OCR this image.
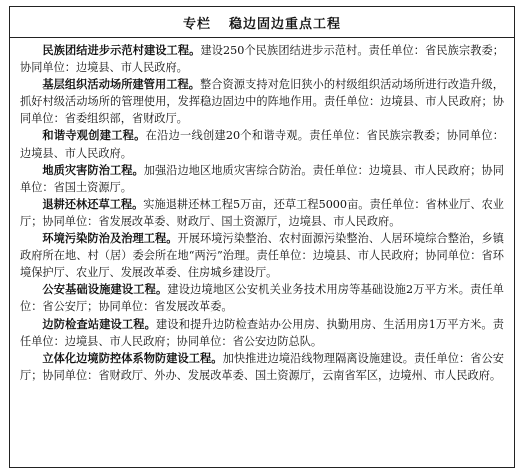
专栏 稳边固边重点工程

民族团结进步示范村建设工程。建设250个民族团结进步示范村。责任单位：省民族宗教委；协同单位：边境县、市人民政府。

基层组织活动场所建管用工程。整合资源支持对危旧狭小的村级组织活动场所进行改造升级，抓好村级活动场所的管理使用，发挥稳边固边中的阵地作用。责任单位：边境县、市人民政府；协同单位：省委组织部，省财政厅。

和谐寺观创建工程。在沿边一线创建20个和谐寺观。责任单位：省民族宗教委；协同单位：边境县、市人民政府。

地质灾害防治工程。加强沿边地区地质灾害综合防治。责任单位：边境县、市人民政府；协同单位：省国土资源厅。

退耕还林还草工程。实施退耕还林工程5万亩，还草工程5000亩。责任单位：省林业厅、农业厅；协同单位：省发展改革委、财政厅、国土资源厅，边境县、市人民政府。

环境污染防治及治理工程。开展环境污染整治、农村面源污染整治、人居环境综合整治，乡镇政府所在地、村（居）委会所在地“两污”治理。责任单位：边境县、市人民政府；协同单位：省环境保护厅、农业厅、发展改革委、住房城乡建设厅。

公安基础设施建设工程。建设边境地区公安机关业务技术用房等基础设施2万平方米。责任单位：省公安厅；协同单位：省发展改革委。

边防检查站建设工程。建设和提升边防检查站办公用房、执勤用房、生活用房1万平方米。责任单位：边境县、市人民政府；协同单位：省公安边防总队。

立体化边境防控体系物防建设工程。加快推进边境沿线物理隔离设施建设。责任单位：省公安厅；协同单位：省财政厅、外办、发展改革委、国土资源厅，云南省军区，边境州、市人民政府。
